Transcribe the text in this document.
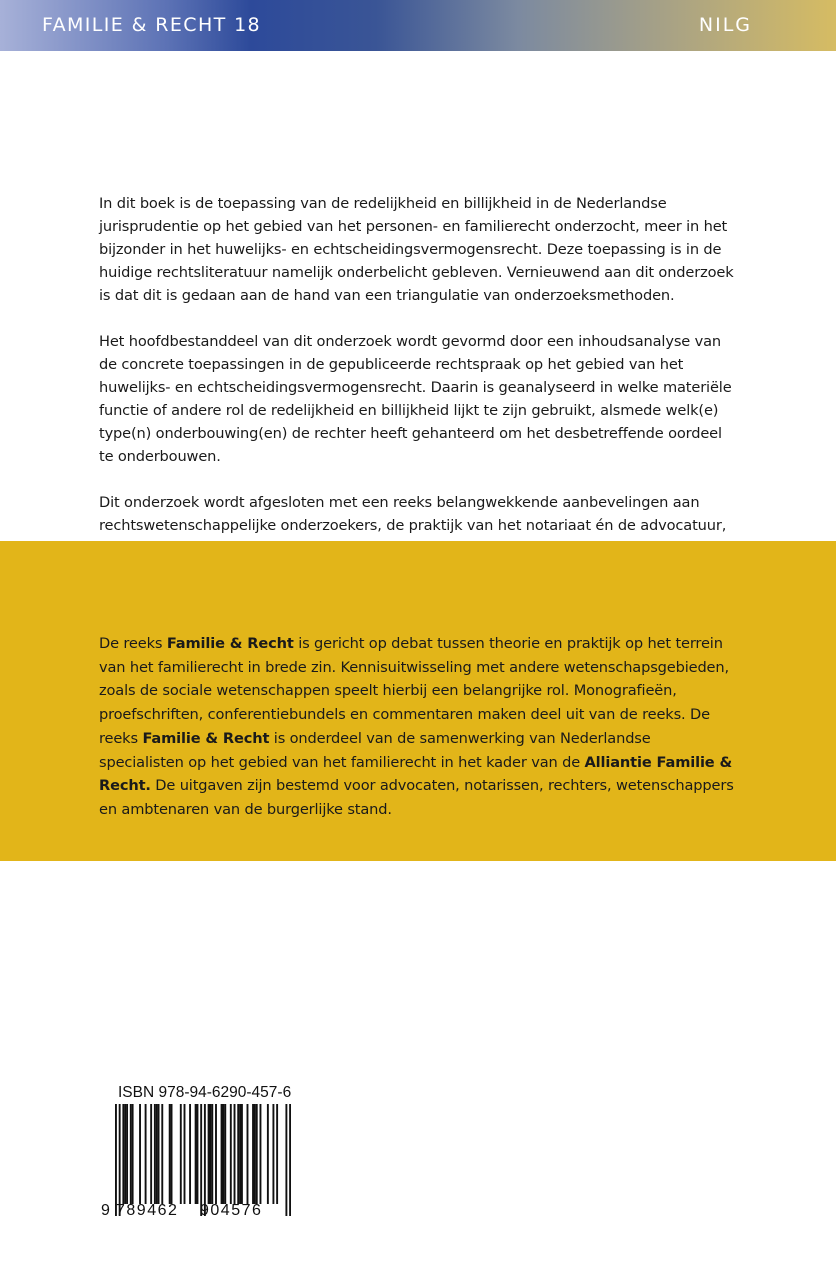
FAMILIE & RECHT 18	NILG

In dit boek is de toepassing van de redelijkheid en billijkheid in de Nederlandse jurisprudentie op het gebied van het personen- en familierecht onderzocht, meer in het bijzonder in het huwelijks- en echtscheidingsvermogensrecht. Deze toepassing is in de huidige rechtsliteratuur namelijk onderbelicht gebleven. Vernieuwend aan dit onderzoek is dat dit is gedaan aan de hand van een triangulatie van onderzoeksmethoden.

Het hoofdbestanddeel van dit onderzoek wordt gevormd door een inhoudsanalyse van de concrete toepassingen in de gepubliceerde rechtspraak op het gebied van het huwelijks- en echtscheidingsvermogensrecht. Daarin is geanalyseerd in welke materiële functie of andere rol de redelijkheid en billijkheid lijkt te zijn gebruikt, alsmede welk(e) type(n) onderbouwing(en) de rechter heeft gehanteerd om het desbetreffende oordeel te onderbouwen.

Dit onderzoek wordt afgesloten met een reeks belangwekkende aanbevelingen aan rechtswetenschappelijke onderzoekers, de praktijk van het notariaat én de advocatuur,

De reeks Familie & Recht is gericht op debat tussen theorie en praktijk op het terrein van het familierecht in brede zin. Kennisuitwisseling met andere wetenschapsgebieden, zoals de sociale wetenschappen speelt hierbij een belangrijke rol. Monografieën, proefschriften, conferentiebundels en commentaren maken deel uit van de reeks. De reeks Familie & Recht is onderdeel van de samenwerking van Nederlandse specialisten op het gebied van het familierecht in het kader van de Alliantie Familie & Recht. De uitgaven zijn bestemd voor advocaten, notarissen, rechters, wetenschappers en ambtenaren van de burgerlijke stand.

ISBN 978-94-6290-457-6
9 789462 904576
